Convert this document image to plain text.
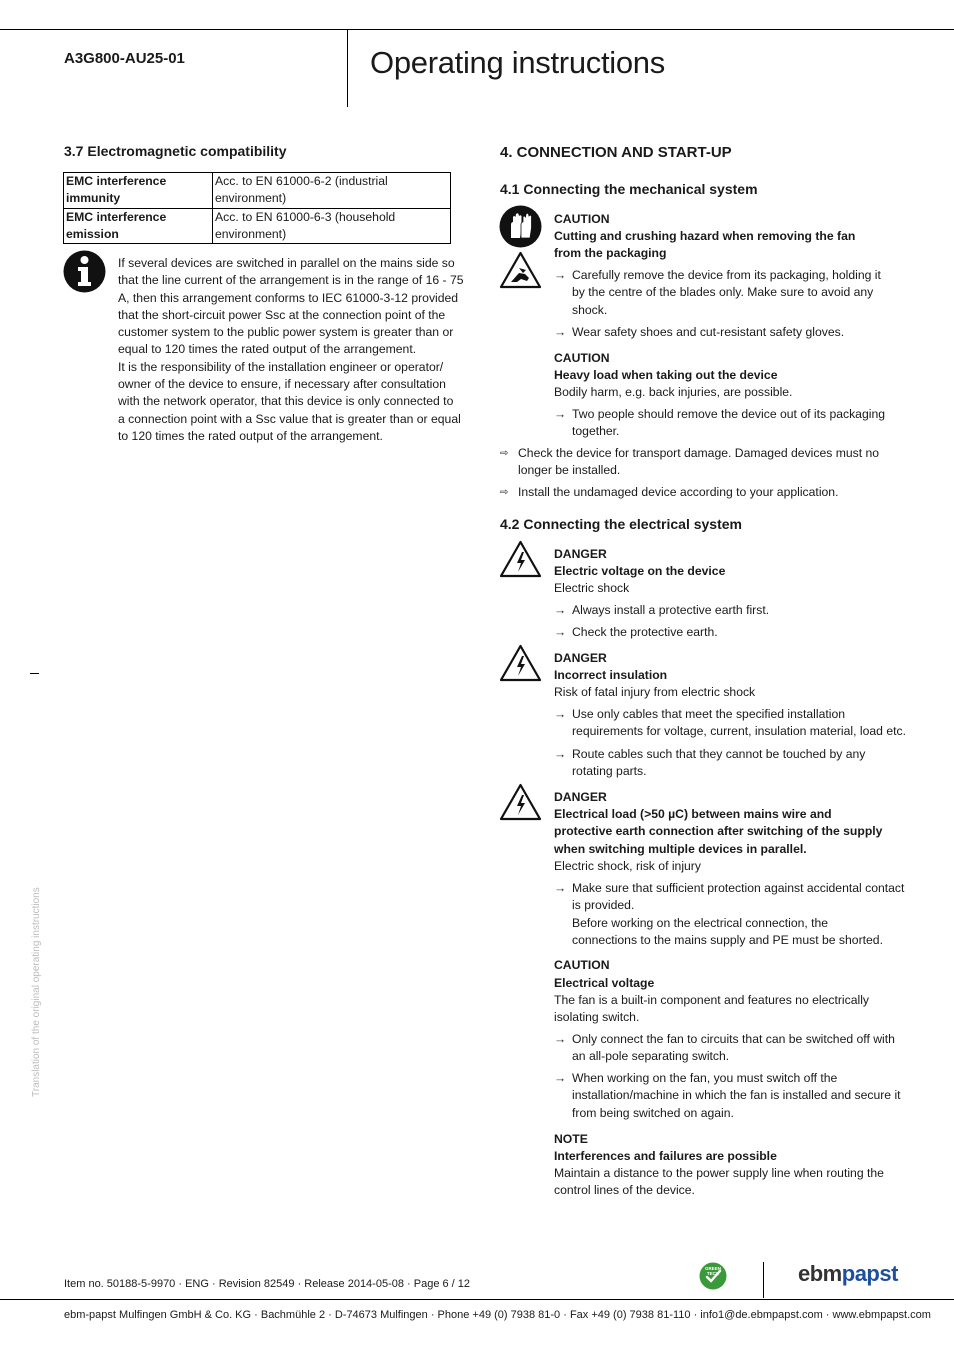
A3G800-AU25-01	Operating instructions
3.7 Electromagnetic compatibility
EMC interference
immunity	Acc. to EN 61000-6-2 (industrial
environment)
EMC interference
emission	Acc. to EN 61000-6-3 (household
environment)
If several devices are switched in parallel on the mains side so
that the line current of the arrangement is in the range of 16 - 75
A, then this arrangement conforms to IEC 61000-3-12 provided
that the short-circuit power Ssc at the connection point of the
customer system to the public power system is greater than or
equal to 120 times the rated output of the arrangement.
It is the responsibility of the installation engineer or operator/
owner of the device to ensure, if necessary after consultation
with the network operator, that this device is only connected to
a connection point with a Ssc value that is greater than or equal
to 120 times the rated output of the arrangement.
Translation of the original operating instructions
4. CONNECTION AND START-UP
4.1 Connecting the mechanical system
CAUTION
Cutting and crushing hazard when removing the fan
from the packaging
→ Carefully remove the device from its packaging, holding it
by the centre of the blades only. Make sure to avoid any
shock.
→ Wear safety shoes and cut-resistant safety gloves.
CAUTION
Heavy load when taking out the device
Bodily harm, e.g. back injuries, are possible.
→ Two people should remove the device out of its packaging
together.
⇨ Check the device for transport damage. Damaged devices must no
longer be installed.
⇨ Install the undamaged device according to your application.
4.2 Connecting the electrical system
DANGER
Electric voltage on the device
Electric shock
→ Always install a protective earth first.
→ Check the protective earth.
DANGER
Incorrect insulation
Risk of fatal injury from electric shock
→ Use only cables that meet the specified installation
requirements for voltage, current, insulation material, load etc.
→ Route cables such that they cannot be touched by any
rotating parts.
DANGER
Electrical load (>50 µC) between mains wire and
protective earth connection after switching of the supply
when switching multiple devices in parallel.
Electric shock, risk of injury
→ Make sure that sufficient protection against accidental contact
is provided.
Before working on the electrical connection, the
connections to the mains supply and PE must be shorted.
CAUTION
Electrical voltage
The fan is a built-in component and features no electrically
isolating switch.
→ Only connect the fan to circuits that can be switched off with
an all-pole separating switch.
→ When working on the fan, you must switch off the
installation/machine in which the fan is installed and secure it
from being switched on again.
NOTE
Interferences and failures are possible
Maintain a distance to the power supply line when routing the
control lines of the device.
Item no. 50188-5-9970 · ENG · Revision 82549 · Release 2014-05-08 · Page 6 / 12
GREEN
TECH	ebmpapst
ebm-papst Mulfingen GmbH & Co. KG · Bachmühle 2 · D-74673 Mulfingen · Phone +49 (0) 7938 81-0 · Fax +49 (0) 7938 81-110 · info1@de.ebmpapst.com · www.ebmpapst.com
